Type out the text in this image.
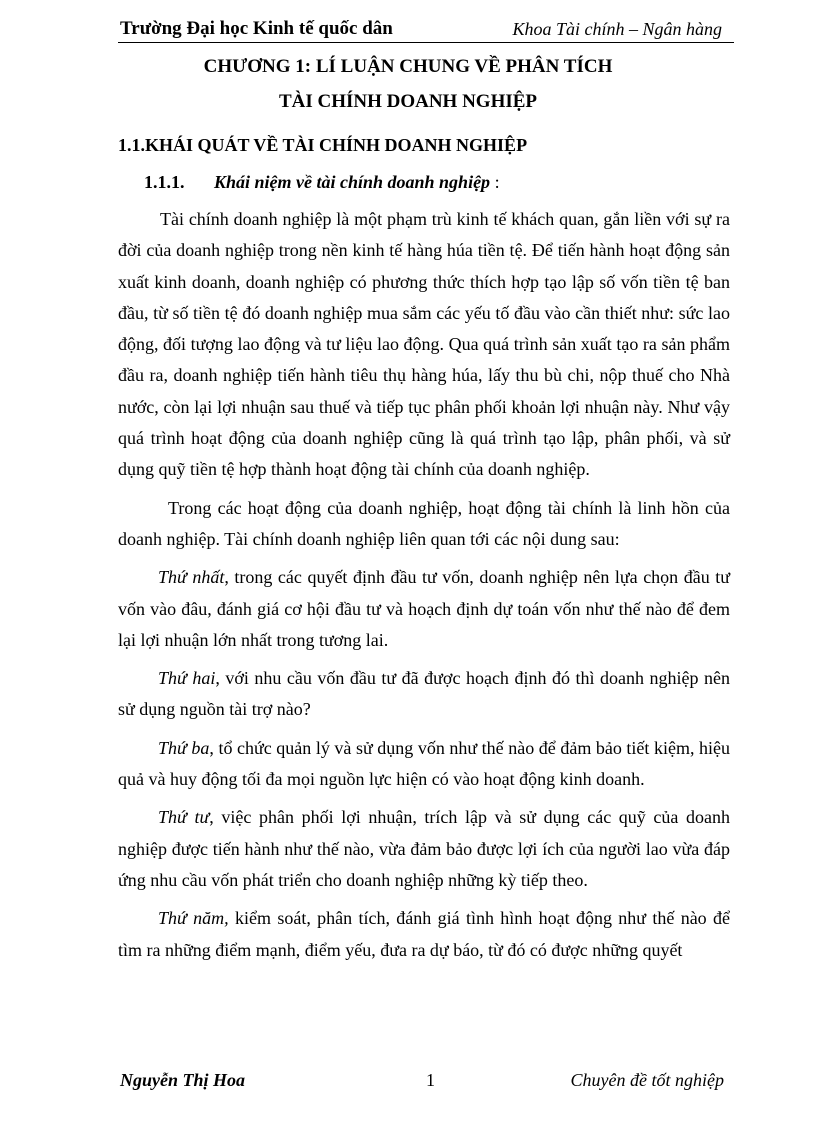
Trường Đại học Kinh tế quốc dân	Khoa Tài chính – Ngân hàng
CHƯƠNG 1: LÍ LUẬN CHUNG VỀ PHÂN TÍCH
TÀI CHÍNH DOANH NGHIỆP
1.1.KHÁI QUÁT VỀ TÀI CHÍNH DOANH NGHIỆP
1.1.1. Khái niệm về tài chính doanh nghiệp :

Tài chính doanh nghiệp là một phạm trù kinh tế khách quan, gắn liền với sự ra đời của doanh nghiệp trong nền kinh tế hàng húa tiền tệ. Để tiến hành hoạt động sản xuất kinh doanh, doanh nghiệp có phương thức thích hợp tạo lập số vốn tiền tệ ban đầu, từ số tiền tệ đó doanh nghiệp mua sắm các yếu tố đầu vào cần thiết như: sức lao động, đối tượng lao động và tư liệu lao động. Qua quá trình sản xuất tạo ra sản phẩm đầu ra, doanh nghiệp tiến hành tiêu thụ hàng húa, lấy thu bù chi, nộp thuế cho Nhà nước, còn lại lợi nhuận sau thuế và tiếp tục phân phối khoản lợi nhuận này. Như vậy quá trình hoạt động của doanh nghiệp cũng là quá trình tạo lập, phân phối, và sử dụng quỹ tiền tệ hợp thành hoạt động tài chính của doanh nghiệp.

Trong các hoạt động của doanh nghiệp, hoạt động tài chính là linh hồn của doanh nghiệp. Tài chính doanh nghiệp liên quan tới các nội dung sau:

Thứ nhất, trong các quyết định đầu tư vốn, doanh nghiệp nên lựa chọn đầu tư vốn vào đâu, đánh giá cơ hội đầu tư và hoạch định dự toán vốn như thế nào để đem lại lợi nhuận lớn nhất trong tương lai.

Thứ hai, với nhu cầu vốn đầu tư đã được hoạch định đó thì doanh nghiệp nên sử dụng nguồn tài trợ nào?

Thứ ba, tổ chức quản lý và sử dụng vốn như thế nào để đảm bảo tiết kiệm, hiệu quả và huy động tối đa mọi nguồn lực hiện có vào hoạt động kinh doanh.

Thứ tư, việc phân phối lợi nhuận, trích lập và sử dụng các quỹ của doanh nghiệp được tiến hành như thế nào, vừa đảm bảo được lợi ích của người lao vừa đáp ứng nhu cầu vốn phát triển cho doanh nghiệp những kỳ tiếp theo.

Thứ năm, kiểm soát, phân tích, đánh giá tình hình hoạt động như thế nào để tìm ra những điểm mạnh, điểm yếu, đưa ra dự báo, từ đó có được những quyết

Nguyễn Thị Hoa	1	Chuyên đề tốt nghiệp
